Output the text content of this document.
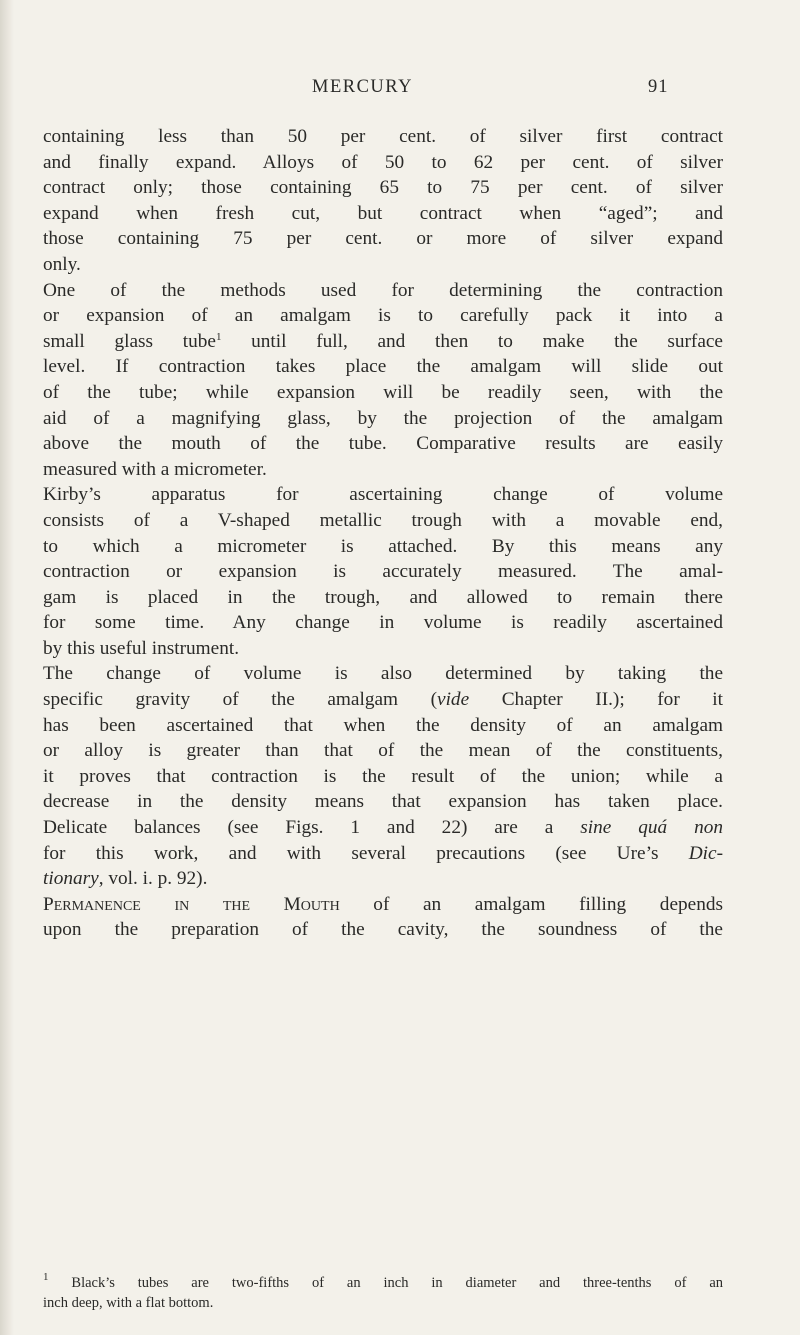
MERCURY	91
containing less than 50 per cent. of silver first contract
and finally expand. Alloys of 50 to 62 per cent. of silver
contract only; those containing 65 to 75 per cent. of silver
expand when fresh cut, but contract when “aged”; and
those containing 75 per cent. or more of silver expand
only.
One of the methods used for determining the contraction
or expansion of an amalgam is to carefully pack it into a
small glass tube$^1$ until full, and then to make the surface
level. If contraction takes place the amalgam will slide out
of the tube; while expansion will be readily seen, with the
aid of a magnifying glass, by the projection of the amalgam
above the mouth of the tube. Comparative results are easily
measured with a micrometer.
Kirby’s apparatus for ascertaining change of volume
consists of a V-shaped metallic trough with a movable end,
to which a micrometer is attached. By this means any
contraction or expansion is accurately measured. The amal-
gam is placed in the trough, and allowed to remain there
for some time. Any change in volume is readily ascertained
by this useful instrument.
The change of volume is also determined by taking the
specific gravity of the amalgam (vide Chapter II.); for it
has been ascertained that when the density of an amalgam
or alloy is greater than that of the mean of the constituents,
it proves that contraction is the result of the union; while a
decrease in the density means that expansion has taken place.
Delicate balances (see Figs. 1 and 22) are a sine quá non
for this work, and with several precautions (see Ure’s Dic-
tionary, vol. i. p. 92).
Permanence in the Mouth of an amalgam filling depends
upon the preparation of the cavity, the soundness of the
$^1$ Black’s tubes are two-fifths of an inch in diameter and three-tenths of an
inch deep, with a flat bottom.
